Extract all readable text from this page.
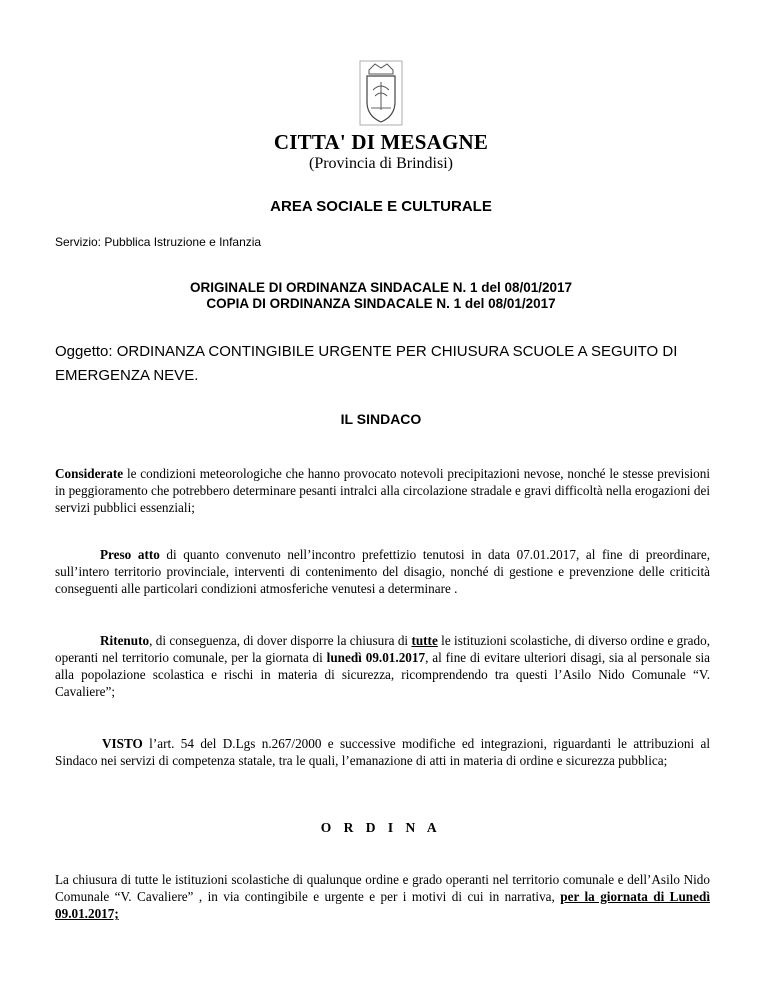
CITTA' DI MESAGNE
(Provincia di Brindisi)
AREA SOCIALE E CULTURALE
Servizio: Pubblica Istruzione e Infanzia
ORIGINALE DI ORDINANZA SINDACALE N. 1 del 08/01/2017
COPIA DI ORDINANZA SINDACALE N. 1 del 08/01/2017
Oggetto: ORDINANZA CONTINGIBILE URGENTE PER CHIUSURA SCUOLE A SEGUITO DI EMERGENZA NEVE.
IL SINDACO
Considerate le condizioni meteorologiche che hanno provocato notevoli precipitazioni nevose, nonché le stesse previsioni in peggioramento che potrebbero determinare pesanti intralci alla circolazione stradale e gravi difficoltà nella erogazioni dei servizi pubblici essenziali;
Preso atto di quanto convenuto nell’incontro prefettizio tenutosi in data 07.01.2017, al fine di preordinare, sull’intero territorio provinciale, interventi di contenimento del disagio, nonché di gestione e prevenzione delle criticità conseguenti alle particolari condizioni atmosferiche venutesi a determinare .
Ritenuto, di conseguenza, di dover disporre la chiusura di tutte le istituzioni scolastiche, di diverso ordine e grado, operanti nel territorio comunale, per la giornata di lunedì 09.01.2017, al fine di evitare ulteriori disagi, sia al personale sia alla popolazione scolastica e rischi in materia di sicurezza, ricomprendendo tra questi l’Asilo Nido Comunale “V. Cavaliere”;
VISTO l’art. 54 del D.Lgs n.267/2000 e successive modifiche ed integrazioni, riguardanti le attribuzioni al Sindaco nei servizi di competenza statale, tra le quali, l’emanazione di atti in materia di ordine e sicurezza pubblica;
O R D I N A
La chiusura di tutte le istituzioni scolastiche di qualunque ordine e grado operanti nel territorio comunale e dell’Asilo Nido Comunale “V. Cavaliere” , in via contingibile e urgente e per i motivi di cui in narrativa, per la giornata di Lunedì 09.01.2017;
